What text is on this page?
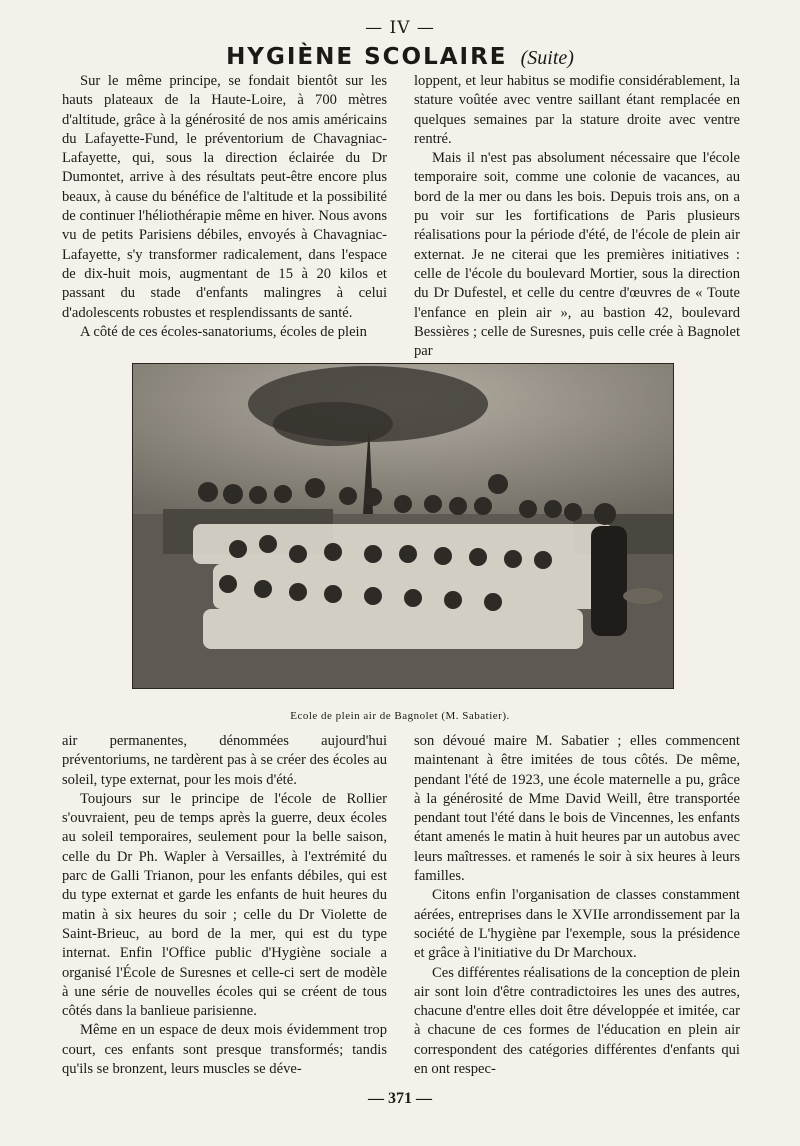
— IV —
HYGIÈNE SCOLAIRE (Suite)

Sur le même principe, se fondait bientôt sur les hauts plateaux de la Haute-Loire, à 700 mètres d'altitude, grâce à la générosité de nos amis américains du Lafayette-Fund, le préventorium de Chavagniac-Lafayette, qui, sous la direction éclairée du Dr Dumontet, arrive à des résultats peut-être encore plus beaux, à cause du bénéfice de l'altitude et la possibilité de continuer l'héliothérapie même en hiver. Nous avons vu de petits Parisiens débiles, envoyés à Chavagniac-Lafayette, s'y transformer radicalement, dans l'espace de dix-huit mois, augmentant de 15 à 20 kilos et passant du stade d'enfants malingres à celui d'adolescents robustes et resplendissants de santé.

A côté de ces écoles-sanatoriums, écoles de plein

loppent, et leur habitus se modifie considérablement, la stature voûtée avec ventre saillant étant remplacée en quelques semaines par la stature droite avec ventre rentré.

Mais il n'est pas absolument nécessaire que l'école temporaire soit, comme une colonie de vacances, au bord de la mer ou dans les bois. Depuis trois ans, on a pu voir sur les fortifications de Paris plusieurs réalisations pour la période d'été, de l'école de plein air externat. Je ne citerai que les premières initiatives : celle de l'école du boulevard Mortier, sous la direction du Dr Dufestel, et celle du centre d'œuvres de « Toute l'enfance en plein air », au bastion 42, boulevard Bessières ; celle de Suresnes, puis celle crée à Bagnolet par

Ecole de plein air de Bagnolet (M. Sabatier).

air permanentes, dénommées aujourd'hui préventoriums, ne tardèrent pas à se créer des écoles au soleil, type externat, pour les mois d'été.

Toujours sur le principe de l'école de Rollier s'ouvraient, peu de temps après la guerre, deux écoles au soleil temporaires, seulement pour la belle saison, celle du Dr Ph. Wapler à Versailles, à l'extrémité du parc de Galli Trianon, pour les enfants débiles, qui est du type externat et garde les enfants de huit heures du matin à six heures du soir ; celle du Dr Violette de Saint-Brieuc, au bord de la mer, qui est du type internat. Enfin l'Office public d'Hygiène sociale a organisé l'École de Suresnes et celle-ci sert de modèle à une série de nouvelles écoles qui se créent de tous côtés dans la banlieue parisienne.

Même en un espace de deux mois évidemment trop court, ces enfants sont presque transformés; tandis qu'ils se bronzent, leurs muscles se déve-

son dévoué maire M. Sabatier ; elles commencent maintenant à être imitées de tous côtés. De même, pendant l'été de 1923, une école maternelle a pu, grâce à la générosité de Mme David Weill, être transportée pendant tout l'été dans le bois de Vincennes, les enfants étant amenés le matin à huit heures par un autobus avec leurs maîtresses. et ramenés le soir à six heures à leurs familles.

Citons enfin l'organisation de classes constamment aérées, entreprises dans le XVIIe arrondissement par la société de L'hygiène par l'exemple, sous la présidence et grâce à l'initiative du Dr Marchoux.

Ces différentes réalisations de la conception de plein air sont loin d'être contradictoires les unes des autres, chacune d'entre elles doit être développée et imitée, car à chacune de ces formes de l'éducation en plein air correspondent des catégories différentes d'enfants qui en ont respec-

— 371 —
